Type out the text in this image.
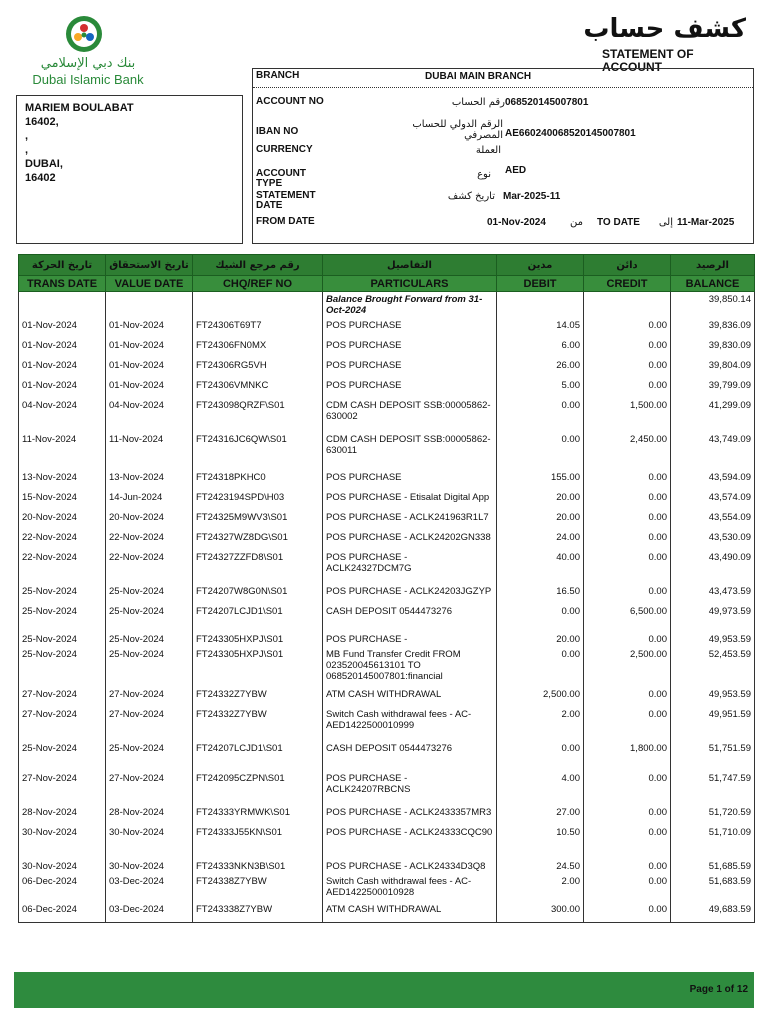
بنك دبي الإسلامي
Dubai Islamic Bank
كشف حساب
STATEMENT OF ACCOUNT
MARIEM BOULABAT
16402,
,
,
DUBAI,
16402
BRANCH	DUBAI MAIN BRANCH
ACCOUNT NO	رقم الحساب 068520145007801
IBAN NO
الرقم الدولي للحساب المصرفي AE660240068520145007801
CURRENCY	العملة
ACCOUNT TYPE
نوع AED
STATEMENT DATE
تاريخ كشف Mar-2025-11
FROM DATE	01-Nov-2024 من TO DATE	إلى 11-Mar-2025
تاريخ الحركة	تاريخ الاستحقاق	رقم مرجع الشيك	التفاصيل	مدين	دائن	الرصيد
TRANS DATE	VALUE DATE	CHQ/REF NO	PARTICULARS	DEBIT	CREDIT	BALANCE
			Balance Brought Forward from 31-Oct-2024			39,850.14
01-Nov-2024	01-Nov-2024	FT24306T69T7	POS PURCHASE	14.05	0.00	39,836.09
01-Nov-2024	01-Nov-2024	FT24306FN0MX	POS PURCHASE	6.00	0.00	39,830.09
01-Nov-2024	01-Nov-2024	FT24306RG5VH	POS PURCHASE	26.00	0.00	39,804.09
01-Nov-2024	01-Nov-2024	FT24306VMNKC	POS PURCHASE	5.00	0.00	39,799.09
04-Nov-2024	04-Nov-2024	FT243098QRZF\S01	CDM CASH DEPOSIT SSB:00005862-630002	0.00	1,500.00	41,299.09
11-Nov-2024	11-Nov-2024	FT24316JC6QW\S01	CDM CASH DEPOSIT SSB:00005862-630011	0.00	2,450.00	43,749.09
13-Nov-2024	13-Nov-2024	FT24318PKHC0	POS PURCHASE	155.00	0.00	43,594.09
15-Nov-2024	14-Jun-2024	FT2423194SPD\H03	POS PURCHASE - Etisalat Digital App	20.00	0.00	43,574.09
20-Nov-2024	20-Nov-2024	FT24325M9WV3\S01	POS PURCHASE - ACLK241963R1L7	20.00	0.00	43,554.09
22-Nov-2024	22-Nov-2024	FT24327WZ8DG\S01	POS PURCHASE - ACLK24202GN338	24.00	0.00	43,530.09
22-Nov-2024	22-Nov-2024	FT24327ZZFD8\S01	POS PURCHASE - ACLK24327DCM7G	40.00	0.00	43,490.09
25-Nov-2024	25-Nov-2024	FT24207W8G0N\S01	POS PURCHASE - ACLK24203JGZYP	16.50	0.00	43,473.59
25-Nov-2024	25-Nov-2024	FT24207LCJD1\S01	CASH DEPOSIT 0544473276	0.00	6,500.00	49,973.59
25-Nov-2024	25-Nov-2024	FT243305HXPJ\S01	POS PURCHASE -	20.00	0.00	49,953.59
25-Nov-2024	25-Nov-2024	FT243305HXPJ\S01	MB Fund Transfer Credit FROM 023520045613101 TO 068520145007801:financial	0.00	2,500.00	52,453.59
27-Nov-2024	27-Nov-2024	FT24332Z7YBW	ATM CASH WITHDRAWAL	2,500.00	0.00	49,953.59
27-Nov-2024	27-Nov-2024	FT24332Z7YBW	Switch Cash withdrawal fees - AC-AED1422500010999	2.00	0.00	49,951.59
25-Nov-2024	25-Nov-2024	FT24207LCJD1\S01	CASH DEPOSIT 0544473276	0.00	1,800.00	51,751.59
27-Nov-2024	27-Nov-2024	FT242095CZPN\S01	POS PURCHASE - ACLK24207RBCNS	4.00	0.00	51,747.59
28-Nov-2024	28-Nov-2024	FT24333YRMWK\S01	POS PURCHASE - ACLK2433357MR3	27.00	0.00	51,720.59
30-Nov-2024	30-Nov-2024	FT24333J55KN\S01	POS PURCHASE - ACLK24333CQC90	10.50	0.00	51,710.09
30-Nov-2024	30-Nov-2024	FT24333NKN3B\S01	POS PURCHASE - ACLK24334D3Q8	24.50	0.00	51,685.59
06-Dec-2024	03-Dec-2024	FT24338Z7YBW	Switch Cash withdrawal fees - AC-AED1422500010928	2.00	0.00	51,683.59
06-Dec-2024	03-Dec-2024	FT243338Z7YBW	ATM CASH WITHDRAWAL	300.00	0.00	49,683.59
Page 1 of 12
